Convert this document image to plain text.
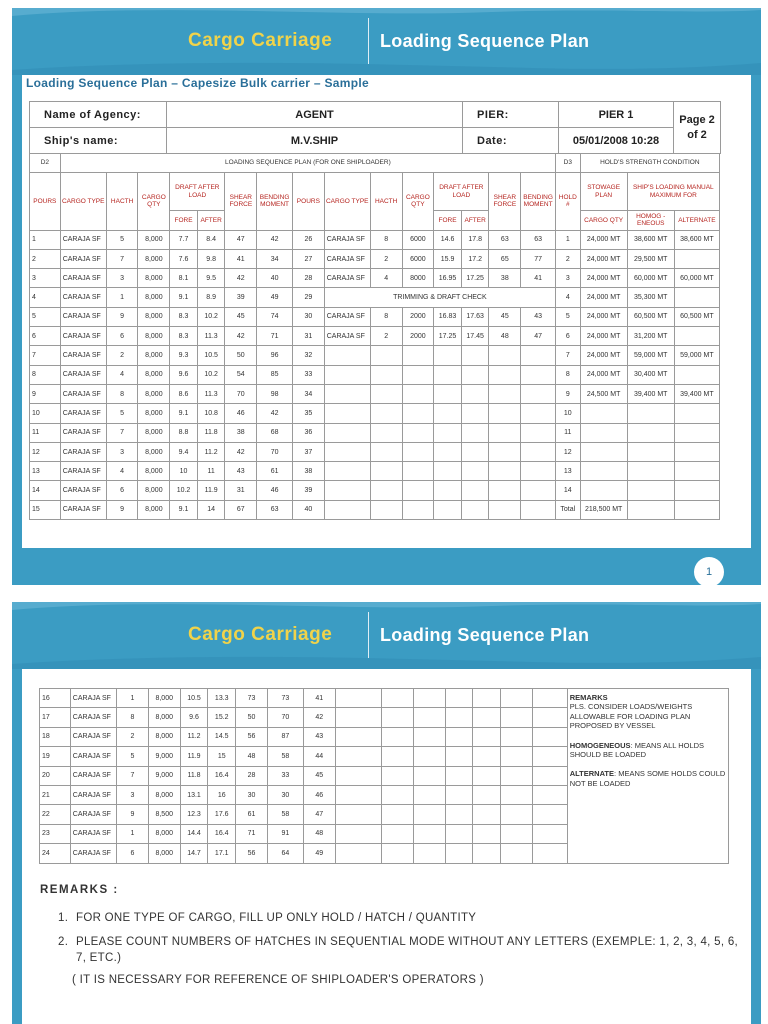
Cargo Carriage	Loading Sequence Plan
1
Loading Sequence Plan – Capesize Bulk carrier – Sample
Name of Agency:	AGENT	PIER:	PIER 1	Page 2 of 2
Ship's name:	M.V.SHIP	Date:	05/01/2008 10:28	
D2	LOADING SEQUENCE PLAN (FOR ONE SHIPLOADER)															D3	HOLD'S STRENGTH CONDITION		
POURS	CARGO TYPE	HACTH	CARGO QTY	DRAFT AFTER LOAD		SHEAR FORCE	BENDING MOMENT	POURS	CARGO TYPE	HACTH	CARGO QTY	DRAFT AFTER LOAD		SHEAR FORCE	BENDING MOMENT	HOLD #	STOWAGE PLAN	SHIP'S LOADING MANUAL MAXIMUM FOR	
				FORE	AFTER							FORE	AFTER				CARGO QTY	HOMOG -ENEOUS	ALTERNATE
1	CARAJA SF	5	8,000	7.7	8.4	47	42	26	CARAJA SF	8	6000	14.6	17.8	63	63	1	24,000 MT	38,600 MT	38,600 MT
2	CARAJA SF	7	8,000	7.6	9.8	41	34	27	CARAJA SF	2	6000	15.9	17.2	65	77	2	24,000 MT	29,500 MT	
3	CARAJA SF	3	8,000	8.1	9.5	42	40	28	CARAJA SF	4	8000	16.95	17.25	38	41	3	24,000 MT	60,000 MT	60,000 MT
4	CARAJA SF	1	8,000	9.1	8.9	39	49	29	TRIMMING & DRAFT CHECK							4	24,000 MT	35,300 MT	
5	CARAJA SF	9	8,000	8.3	10.2	45	74	30	CARAJA SF	8	2000	16.83	17.63	45	43	5	24,000 MT	60,500 MT	60,500 MT
6	CARAJA SF	6	8,000	8.3	11.3	42	71	31	CARAJA SF	2	2000	17.25	17.45	48	47	6	24,000 MT	31,200 MT	
7	CARAJA SF	2	8,000	9.3	10.5	50	96	32								7	24,000 MT	59,000 MT	59,000 MT
8	CARAJA SF	4	8,000	9.6	10.2	54	85	33								8	24,000 MT	30,400 MT	
9	CARAJA SF	8	8,000	8.6	11.3	70	98	34								9	24,500 MT	39,400 MT	39,400 MT
10	CARAJA SF	5	8,000	9.1	10.8	46	42	35								10			
11	CARAJA SF	7	8,000	8.8	11.8	38	68	36								11			
12	CARAJA SF	3	8,000	9.4	11.2	42	70	37								12			
13	CARAJA SF	4	8,000	10	11	43	61	38								13			
14	CARAJA SF	6	8,000	10.2	11.9	31	46	39								14			
15	CARAJA SF	9	8,000	9.1	14	67	63	40								Total	218,500 MT		
Cargo Carriage	Loading Sequence Plan
16	CARAJA SF	1	8,000	10.5	13.3	73	73	41								REMARKS
PLS. CONSIDER LOADS/WEIGHTS ALLOWABLE FOR LOADING PLAN PROPOSED BY VESSEL
HOMOGENEOUS: MEANS ALL HOLDS SHOULD BE LOADED
ALTERNATE: MEANS SOME HOLDS COULD NOT BE LOADED

17	CARAJA SF	8	8,000	9.6	15.2	50	70	42								
18	CARAJA SF	2	8,000	11.2	14.5	56	87	43								
19	CARAJA SF	5	9,000	11.9	15	48	58	44								
20	CARAJA SF	7	9,000	11.8	16.4	28	33	45								
21	CARAJA SF	3	8,000	13.1	16	30	30	46								
22	CARAJA SF	9	8,500	12.3	17.6	61	58	47								
23	CARAJA SF	1	8,000	14.4	16.4	71	91	48								
24	CARAJA SF	6	8,000	14.7	17.1	56	64	49								
REMARKS :
1. FOR ONE TYPE OF CARGO, FILL UP ONLY HOLD / HATCH / QUANTITY
2. PLEASE COUNT NUMBERS OF HATCHES IN SEQUENTIAL MODE WITHOUT ANY LETTERS (EXEMPLE: 1, 2, 3, 4, 5, 6, 7, ETC.)
( IT IS NECESSARY FOR REFERENCE OF SHIPLOADER'S OPERATORS )
